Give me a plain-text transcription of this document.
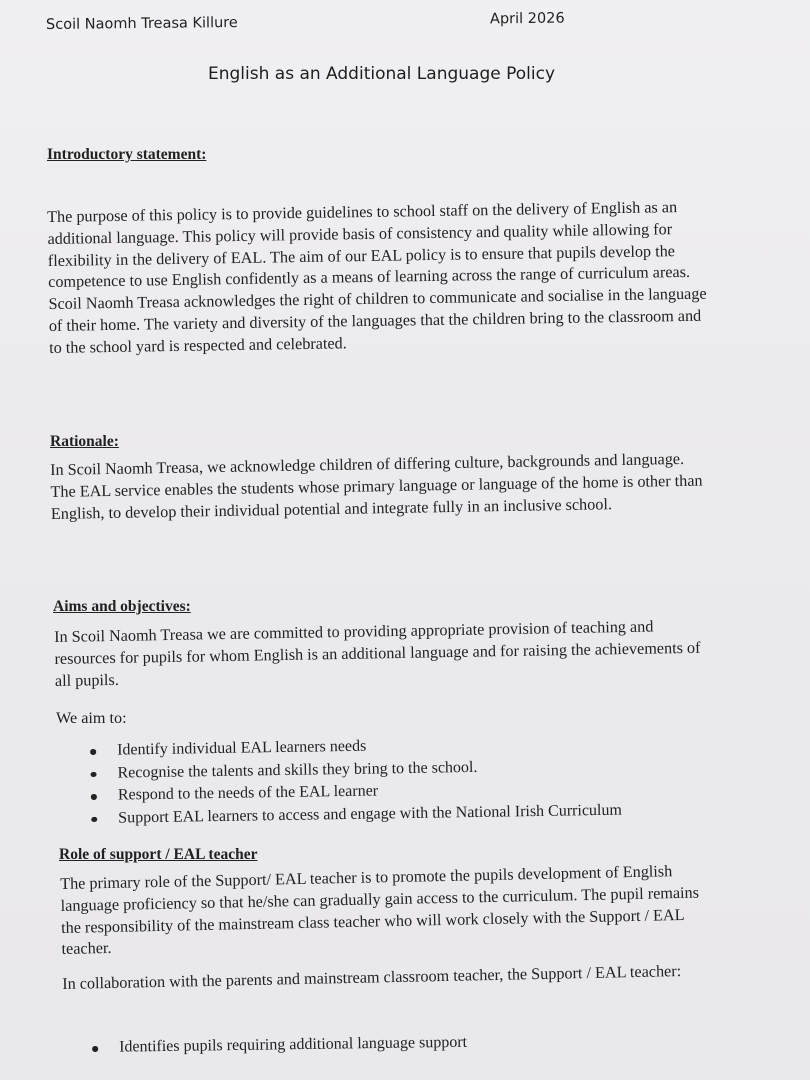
Scoil Naomh Treasa Killure	April 2026
English as an Additional Language Policy
Introductory statement:

The purpose of this policy is to provide guidelines to school staff on the delivery of English as an additional language. This policy will provide basis of consistency and quality while allowing for flexibility in the delivery of EAL. The aim of our EAL policy is to ensure that pupils develop the competence to use English confidently as a means of learning across the range of curriculum areas. Scoil Naomh Treasa acknowledges the right of children to communicate and socialise in the language of their home. The variety and diversity of the languages that the children bring to the classroom and to the school yard is respected and celebrated.

Rationale:

In Scoil Naomh Treasa, we acknowledge children of differing culture, backgrounds and language. The EAL service enables the students whose primary language or language of the home is other than English, to develop their individual potential and integrate fully in an inclusive school.

Aims and objectives:

In Scoil Naomh Treasa we are committed to providing appropriate provision of teaching and resources for pupils for whom English is an additional language and for raising the achievements of all pupils.

We aim to:
Identify individual EAL learners needs
Recognise the talents and skills they bring to the school.
Respond to the needs of the EAL learner
Support EAL learners to access and engage with the National Irish Curriculum
Role of support / EAL teacher

The primary role of the Support/ EAL teacher is to promote the pupils development of English language proficiency so that he/she can gradually gain access to the curriculum. The pupil remains the responsibility of the mainstream class teacher who will work closely with the Support / EAL teacher.

In collaboration with the parents and mainstream classroom teacher, the Support / EAL teacher:

Identifies pupils requiring additional language support
